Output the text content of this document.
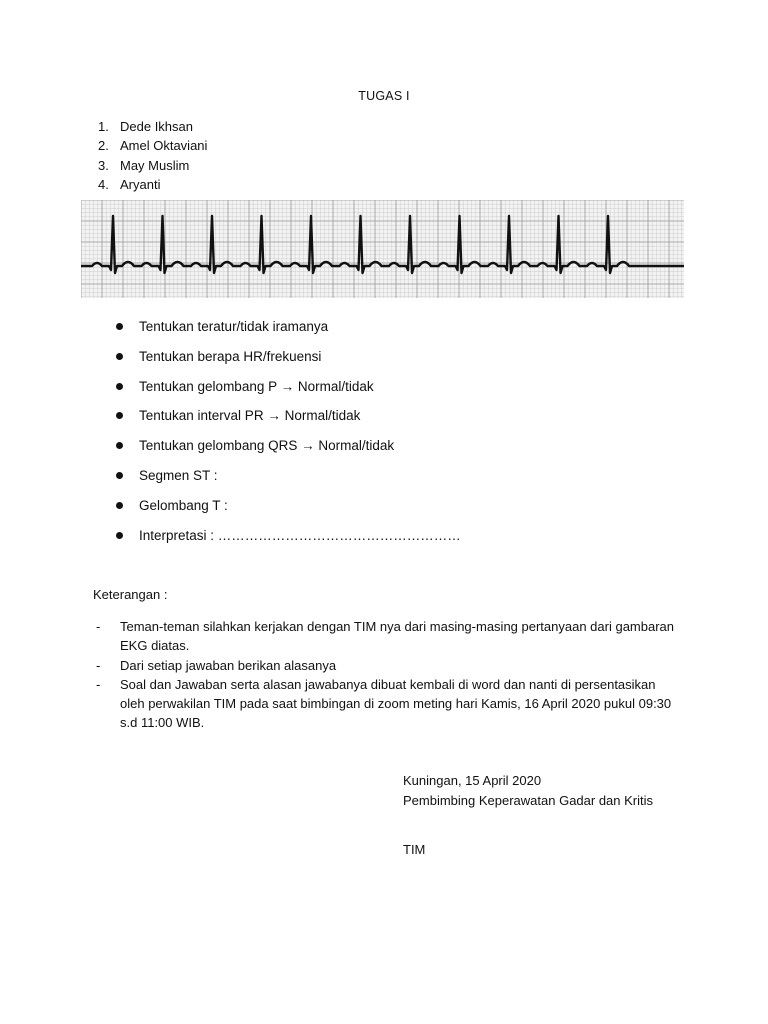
TUGAS I
1. Dede Ikhsan
2. Amel Oktaviani
3. May Muslim
4. Aryanti
Tentukan teratur/tidak iramanya
Tentukan berapa HR/frekuensi
Tentukan gelombang P → Normal/tidak
Tentukan interval PR → Normal/tidak
Tentukan gelombang QRS → Normal/tidak
Segmen ST :
Gelombang T :
Interpretasi : ………………………………………………
Keterangan :
- Teman-teman silahkan kerjakan dengan TIM nya dari masing-masing pertanyaan dari gambaran EKG diatas.
- Dari setiap jawaban berikan alasanya
- Soal dan Jawaban serta alasan jawabanya dibuat kembali di word dan nanti di persentasikan oleh perwakilan TIM pada saat bimbingan di zoom meting hari Kamis, 16 April 2020 pukul 09:30 s.d 11:00 WIB.
Kuningan, 15 April 2020
Pembimbing Keperawatan Gadar dan Kritis
TIM
